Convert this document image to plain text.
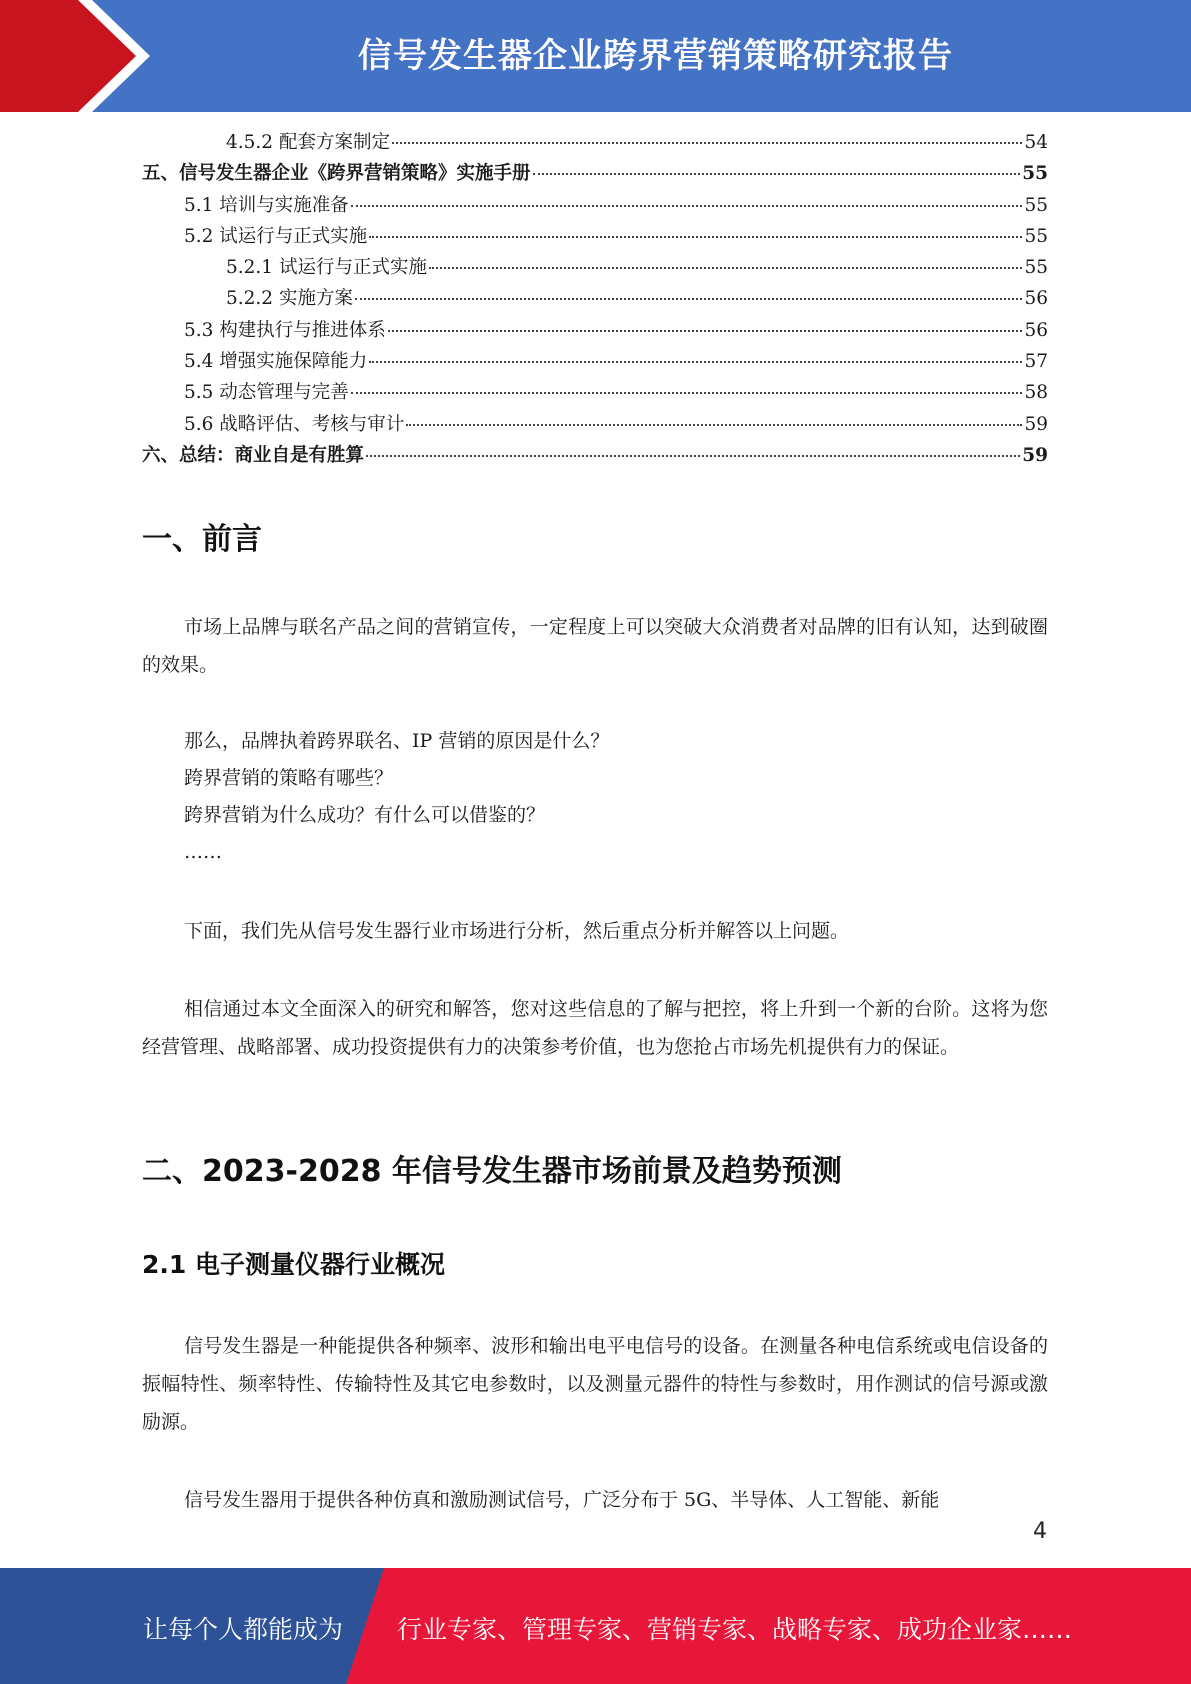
信号发生器企业跨界营销策略研究报告
4.5.2 配套方案制定	54
五、信号发生器企业《跨界营销策略》实施手册	55
5.1 培训与实施准备	55
5.2 试运行与正式实施	55
5.2.1 试运行与正式实施	55
5.2.2 实施方案	56
5.3 构建执行与推进体系	56
5.4 增强实施保障能力	57
5.5 动态管理与完善	58
5.6 战略评估、考核与审计	59
六、总结：商业自是有胜算	59
一、前言

市场上品牌与联名产品之间的营销宣传，一定程度上可以突破大众消费者对品牌的旧有认知，达到破圈的效果。

那么，品牌执着跨界联名、IP 营销的原因是什么？
跨界营销的策略有哪些？
跨界营销为什么成功？有什么可以借鉴的？
……

下面，我们先从信号发生器行业市场进行分析，然后重点分析并解答以上问题。

相信通过本文全面深入的研究和解答，您对这些信息的了解与把控，将上升到一个新的台阶。这将为您经营管理、战略部署、成功投资提供有力的决策参考价值，也为您抢占市场先机提供有力的保证。

二、2023-2028 年信号发生器市场前景及趋势预测
2.1 电子测量仪器行业概况

信号发生器是一种能提供各种频率、波形和输出电平电信号的设备。在测量各种电信系统或电信设备的振幅特性、频率特性、传输特性及其它电参数时，以及测量元器件的特性与参数时，用作测试的信号源或激励源。

信号发生器用于提供各种仿真和激励测试信号，广泛分布于 5G、半导体、人工智能、新能

4
让每个人都能成为 行业专家、管理专家、营销专家、战略专家、成功企业家……
